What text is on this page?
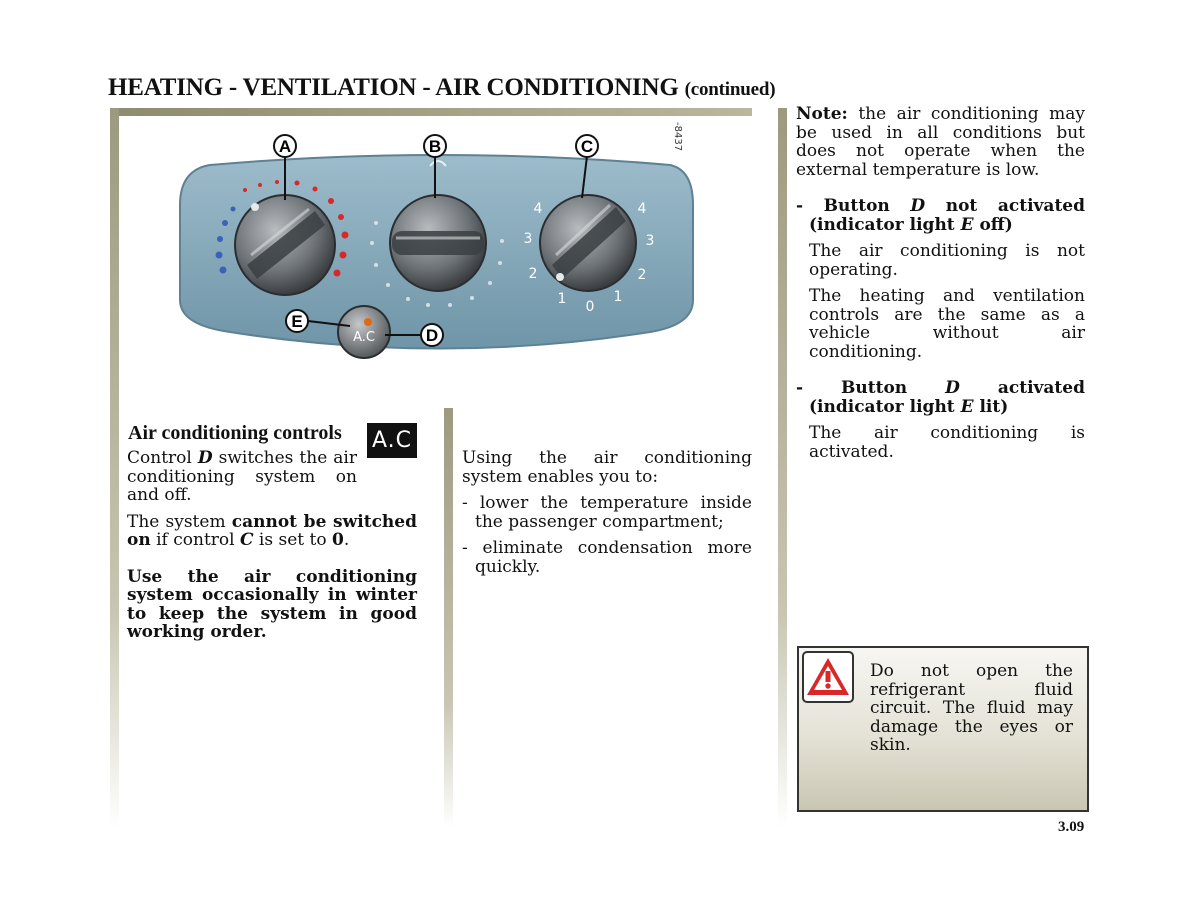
HEATING - VENTILATION - AIR CONDITIONING (continued)
4
3
2
1 0
1
2
3
4
A.C
A	B	C
D
E
-8437
Air conditioning controls A.C

Control D switches the air conditioning system on and off.

The system cannot be switched on if control C is set to 0.

Use the air conditioning system occasionally in winter to keep the system in good working order.

Using the air conditioning system enables you to:

- lower the temperature inside the passenger compartment;

- eliminate condensation more quickly.

Note: the air conditioning may be used in all conditions but does not operate when the external temperature is low.

- Button D not activated (indicator light E off)

The air conditioning is not operating.

The heating and ventilation controls are the same as a vehicle without air conditioning.

- Button D activated (indicator light E lit)

The air conditioning is activated.

Do not open the refrigerant fluid circuit. The fluid may damage the eyes or skin.
3.09
